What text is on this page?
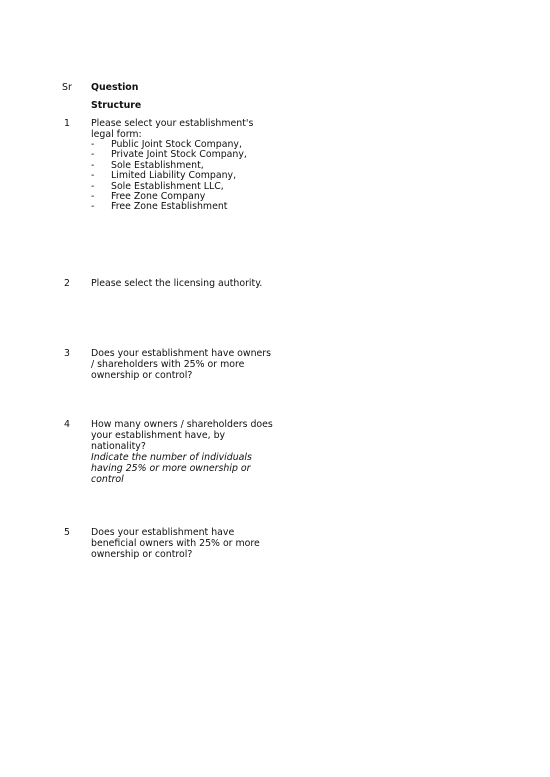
Sr Question
Structure
1 Please select your establishment's legal form:
- Public Joint Stock Company,
- Private Joint Stock Company,
- Sole Establishment,
- Limited Liability Company,
- Sole Establishment LLC,
- Free Zone Company
- Free Zone Establishment
2 Please select the licensing authority.
3 Does your establishment have owners / shareholders with 25% or more ownership or control?
4 How many owners / shareholders does your establishment have, by nationality?
Indicate the number of individuals having 25% or more ownership or control
5 Does your establishment have beneficial owners with 25% or more ownership or control?
